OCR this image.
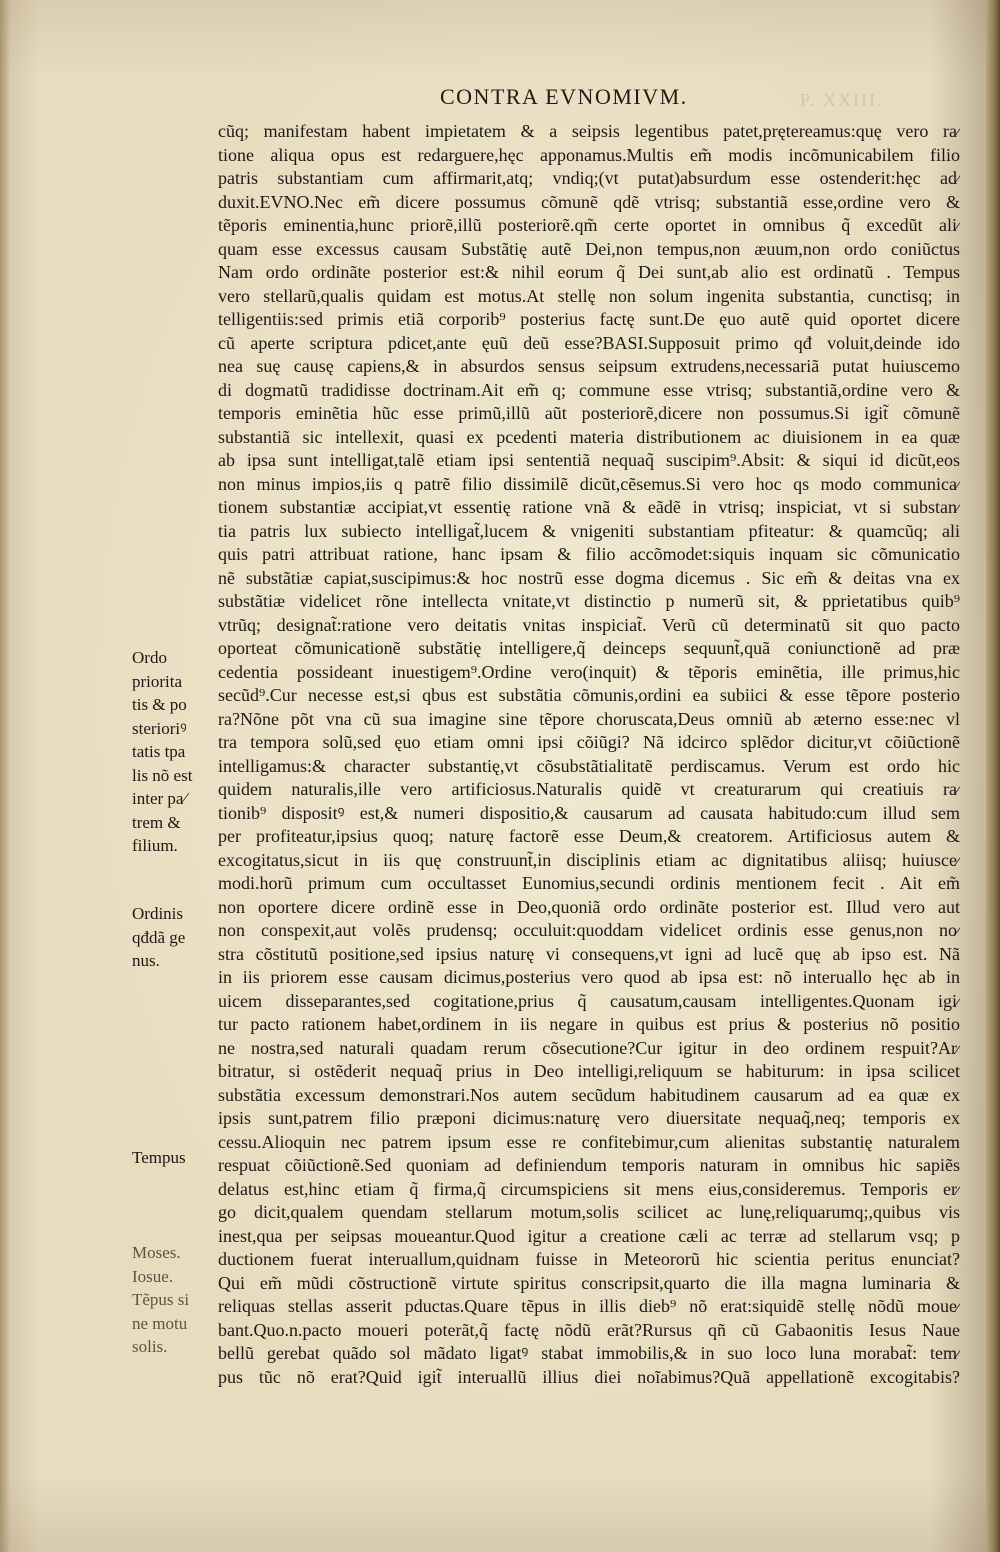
CONTRA EVNOMIVM.	P. XXIII.
cũq; manifestam habent impietatem & a seipsis legentibus patet,prętereamus:quę vero ra⁄
tione aliqua opus est redarguere,hęc apponamus.Multis em̃ modis incõmunicabilem filio
patris substantiam cum affirmarit,atq; vndiq;(vt putat)absurdum esse ostenderit:hęc ad⁄
duxit.EVNO.Nec em̃ dicere possumus cõmunẽ qdẽ vtrisq; substantiã esse,ordine vero &
tẽporis eminentia,hunc priorẽ,illũ posteriorẽ.qm̃ certe oportet in omnibus q̃ excedũt ali⁄
quam esse excessus causam Substãtię autẽ Dei,non tempus,non æuum,non ordo coniũctus
Nam ordo ordinãte posterior est:& nihil eorum q̃ Dei sunt,ab alio est ordinatũ . Tempus
vero stellarũ,qualis quidam est motus.At stellę non solum ingenita substantia, cunctisq; in
telligentiis:sed primis etiã corporib⁹ posterius factę sunt.De ęuo autẽ quid oportet dicere
cũ aperte scriptura pdicet,ante ęuũ deũ esse?BASI.Supposuit primo qđ voluit,deinde ido
nea suę causę capiens,& in absurdos sensus seipsum extrudens,necessariã putat huiuscemo
di dogmatũ tradidisse doctrinam.Ait em̃ q; commune esse vtrisq; substantiã,ordine vero &
temporis eminẽtia hũc esse primũ,illũ aũt posteriorẽ,dicere non possumus.Si igit̃ cõmunẽ
substantiã sic intellexit, quasi ex pcedenti materia distributionem ac diuisionem in ea quæ
ab ipsa sunt intelligat,talẽ etiam ipsi sententiã nequaq̃ suscipim⁹.Absit: & siqui id dicũt,eos
non minus impios,iis q patrẽ filio dissimilẽ dicũt,cẽsemus.Si vero hoc qs modo communica⁄
tionem substantiæ accipiat,vt essentię ratione vnã & eãdẽ in vtrisq; inspiciat, vt si substan⁄
tia patris lux subiecto intelligat̃,lucem & vnigeniti substantiam pfiteatur: & quamcũq; ali
quis patri attribuat ratione, hanc ipsam & filio accõmodet:siquis inquam sic cõmunicatio
nẽ substãtiæ capiat,suscipimus:& hoc nostrũ esse dogma dicemus . Sic em̃ & deitas vna ex
substãtiæ videlicet rõne intellecta vnitate,vt distinctio p numerũ sit, & pprietatibus quib⁹
vtrũq; designat̃:ratione vero deitatis vnitas inspiciat̃. Verũ cũ determinatũ sit quo pacto
oporteat cõmunicationẽ substãtię intelligere,q̃ deinceps sequunt̃,quã coniunctionẽ ad præ
cedentia possideant inuestigem⁹.Ordine vero(inquit) & tẽporis eminẽtia, ille primus,hic
secũd⁹.Cur necesse est,si qbus est substãtia cõmunis,ordini ea subiici & esse tẽpore posterio
ra?Nõne põt vna cũ sua imagine sine tẽpore choruscata,Deus omniũ ab æterno esse:nec vl
tra tempora solũ,sed ęuo etiam omni ipsi cõiũgi? Nã idcirco splẽdor dicitur,vt cõiũctionẽ
intelligamus:& character substantię,vt cõsubstãtialitatẽ perdiscamus. Verum est ordo hic
quidem naturalis,ille vero artificiosus.Naturalis quidẽ vt creaturarum qui creatiuis ra⁄
tionib⁹ dispositꝰ est,& numeri dispositio,& causarum ad causata habitudo:cum illud sem
per profiteatur,ipsius quoq; naturę factorẽ esse Deum,& creatorem. Artificiosus autem &
excogitatus,sicut in iis quę construunt̃,in disciplinis etiam ac dignitatibus aliisq; huiusce⁄
modi.horũ primum cum occultasset Eunomius,secundi ordinis mentionem fecit . Ait em̃
non oportere dicere ordinẽ esse in Deo,quoniã ordo ordinãte posterior est. Illud vero aut
non conspexit,aut volẽs prudensq; occuluit:quoddam videlicet ordinis esse genus,non no⁄
stra cõstitutũ positione,sed ipsius naturę vi consequens,vt igni ad lucẽ quę ab ipso est. Nã
in iis priorem esse causam dicimus,posterius vero quod ab ipsa est: nõ interuallo hęc ab in
uicem disseparantes,sed cogitatione,prius q̃ causatum,causam intelligentes.Quonam igi⁄
tur pacto rationem habet,ordinem in iis negare in quibus est prius & posterius nõ positio
ne nostra,sed naturali quadam rerum cõsecutione?Cur igitur in deo ordinem respuit?Ar⁄
bitratur, si ostẽderit nequaq̃ prius in Deo intelligi,reliquum se habiturum: in ipsa scilicet
substãtia excessum demonstrari.Nos autem secũdum habitudinem causarum ad ea quæ ex
ipsis sunt,patrem filio præponi dicimus:naturę vero diuersitate nequaq̃,neq; temporis ex
cessu.Alioquin nec patrem ipsum esse re confitebimur,cum alienitas substantię naturalem
respuat cõiũctionẽ.Sed quoniam ad definiendum temporis naturam in omnibus hic sapiẽs
delatus est,hinc etiam q̃ firma,q̃ circumspiciens sit mens eius,consideremus. Temporis er⁄
go dicit,qualem quendam stellarum motum,solis scilicet ac lunę,reliquarumq;,quibus vis
inest,qua per seipsas moueantur.Quod igitur a creatione cæli ac terræ ad stellarum vsq; p
ductionem fuerat interuallum,quidnam fuisse in Meteororũ hic scientia peritus enunciat?
Qui em̃ mũdi cõstructionẽ virtute spiritus conscripsit,quarto die illa magna luminaria &
reliquas stellas asserit pductas.Quare tẽpus in illis dieb⁹ nõ erat:siquidẽ stellę nõdũ moue⁄
bant.Quo.n.pacto moueri poterãt,q̃ factę nõdũ erãt?Rursus qñ cũ Gabaonitis Iesus Naue
bellũ gerebat quãdo sol mãdato ligatꝰ stabat immobilis,& in suo loco luna morabat̃: tem⁄
pus tũc nõ erat?Quid igit̃ interuallũ illius diei noĩabimus?Quã appellationẽ excogitabis?
Ordo
priorita
tis & po
sterioriꝰ
tatis tpa
lis nõ est
inter pa⁄
trem &
filium.
Ordinis
qđdã ge
nus.
Tempus
Moses.
Iosue.
Tẽpus si
ne motu
solis.
